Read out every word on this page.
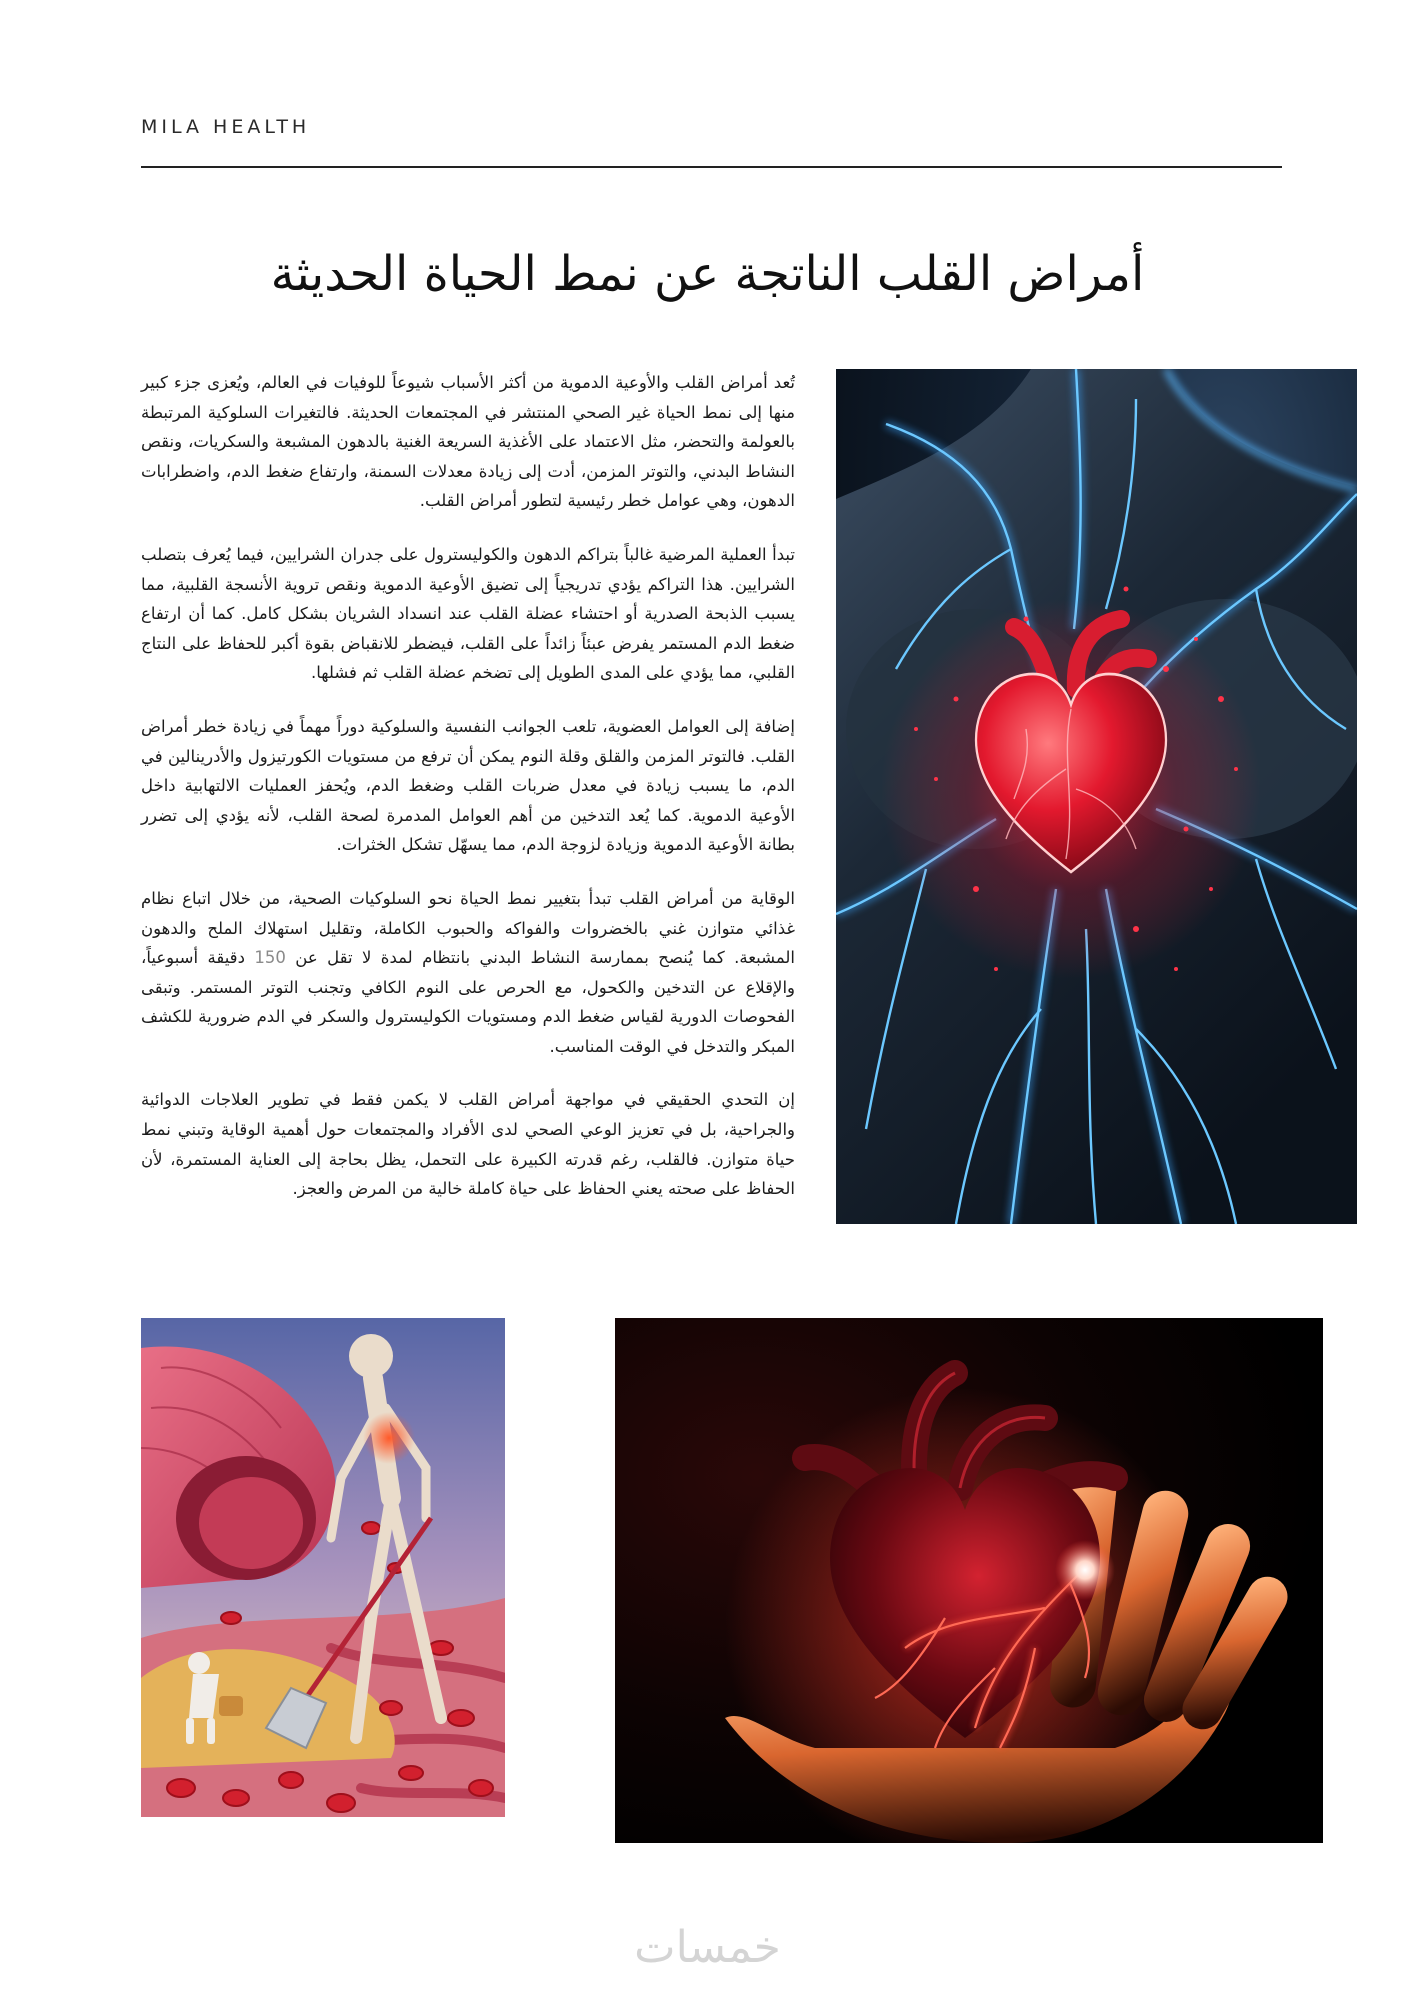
MILA HEALTH
أمراض القلب الناتجة عن نمط الحياة الحديثة

تُعد أمراض القلب والأوعية الدموية من أكثر الأسباب شيوعاً للوفيات في العالم، ويُعزى جزء كبير منها إلى نمط الحياة غير الصحي المنتشر في المجتمعات الحديثة. فالتغيرات السلوكية المرتبطة بالعولمة والتحضر، مثل الاعتماد على الأغذية السريعة الغنية بالدهون المشبعة والسكريات، ونقص النشاط البدني، والتوتر المزمن، أدت إلى زيادة معدلات السمنة، وارتفاع ضغط الدم، واضطرابات الدهون، وهي عوامل خطر رئيسية لتطور أمراض القلب.

تبدأ العملية المرضية غالباً بتراكم الدهون والكوليسترول على جدران الشرايين، فيما يُعرف بتصلب الشرايين. هذا التراكم يؤدي تدريجياً إلى تضيق الأوعية الدموية ونقص تروية الأنسجة القلبية، مما يسبب الذبحة الصدرية أو احتشاء عضلة القلب عند انسداد الشريان بشكل كامل. كما أن ارتفاع ضغط الدم المستمر يفرض عبئاً زائداً على القلب، فيضطر للانقباض بقوة أكبر للحفاظ على النتاج القلبي، مما يؤدي على المدى الطويل إلى تضخم عضلة القلب ثم فشلها.

إضافة إلى العوامل العضوية، تلعب الجوانب النفسية والسلوكية دوراً مهماً في زيادة خطر أمراض القلب. فالتوتر المزمن والقلق وقلة النوم يمكن أن ترفع من مستويات الكورتيزول والأدرينالين في الدم، ما يسبب زيادة في معدل ضربات القلب وضغط الدم، ويُحفز العمليات الالتهابية داخل الأوعية الدموية. كما يُعد التدخين من أهم العوامل المدمرة لصحة القلب، لأنه يؤدي إلى تضرر بطانة الأوعية الدموية وزيادة لزوجة الدم، مما يسهّل تشكل الخثرات.

الوقاية من أمراض القلب تبدأ بتغيير نمط الحياة نحو السلوكيات الصحية، من خلال اتباع نظام غذائي متوازن غني بالخضروات والفواكه والحبوب الكاملة، وتقليل استهلاك الملح والدهون المشبعة. كما يُنصح بممارسة النشاط البدني بانتظام لمدة لا تقل عن 150 دقيقة أسبوعياً، والإقلاع عن التدخين والكحول، مع الحرص على النوم الكافي وتجنب التوتر المستمر. وتبقى الفحوصات الدورية لقياس ضغط الدم ومستويات الكوليسترول والسكر في الدم ضرورية للكشف المبكر والتدخل في الوقت المناسب.

إن التحدي الحقيقي في مواجهة أمراض القلب لا يكمن فقط في تطوير العلاجات الدوائية والجراحية، بل في تعزيز الوعي الصحي لدى الأفراد والمجتمعات حول أهمية الوقاية وتبني نمط حياة متوازن. فالقلب، رغم قدرته الكبيرة على التحمل، يظل بحاجة إلى العناية المستمرة، لأن الحفاظ على صحته يعني الحفاظ على حياة كاملة خالية من المرض والعجز.

خمسات
